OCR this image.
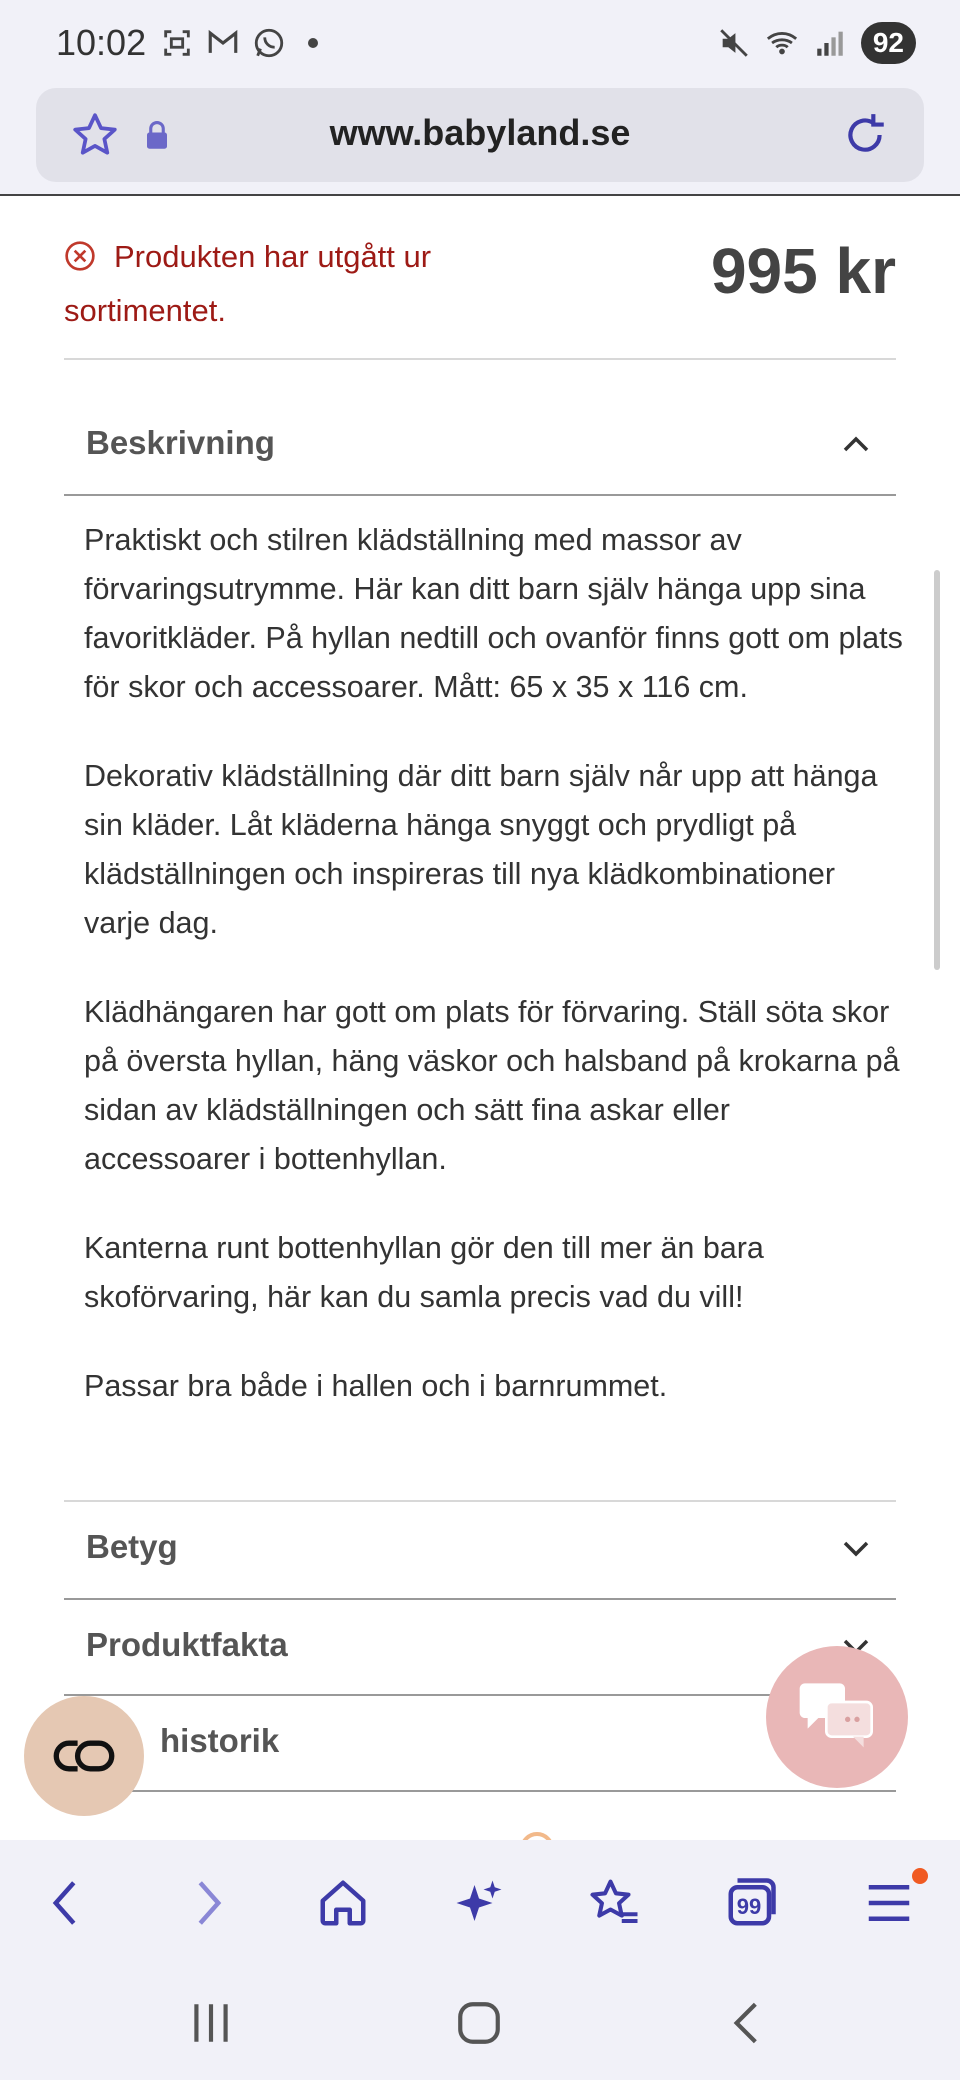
10:02	92
www.babyland.se
Produkten har utgått ur sortimentet.
995 kr
Beskrivning

Praktiskt och stilren klädställning med massor av förvaringsutrymme. Här kan ditt barn själv hänga upp sina favoritkläder. På hyllan nedtill och ovanför finns gott om plats för skor och accessoarer. Mått: 65 x 35 x 116 cm.

Dekorativ klädställning där ditt barn själv når upp att hänga sin kläder. Låt kläderna hänga snyggt och prydligt på klädställningen och inspireras till nya klädkombinationer varje dag.

Klädhängaren har gott om plats för förvaring. Ställ söta skor på översta hyllan, häng väskor och halsband på krokarna på sidan av klädställningen och sätt fina askar eller accessoarer i bottenhyllan.

Kanterna runt bottenhyllan gör den till mer än bara skoförvaring, här kan du samla precis vad du vill!

Passar bra både i hallen och i barnrummet.

Betyg
Produktfakta
historik
99
